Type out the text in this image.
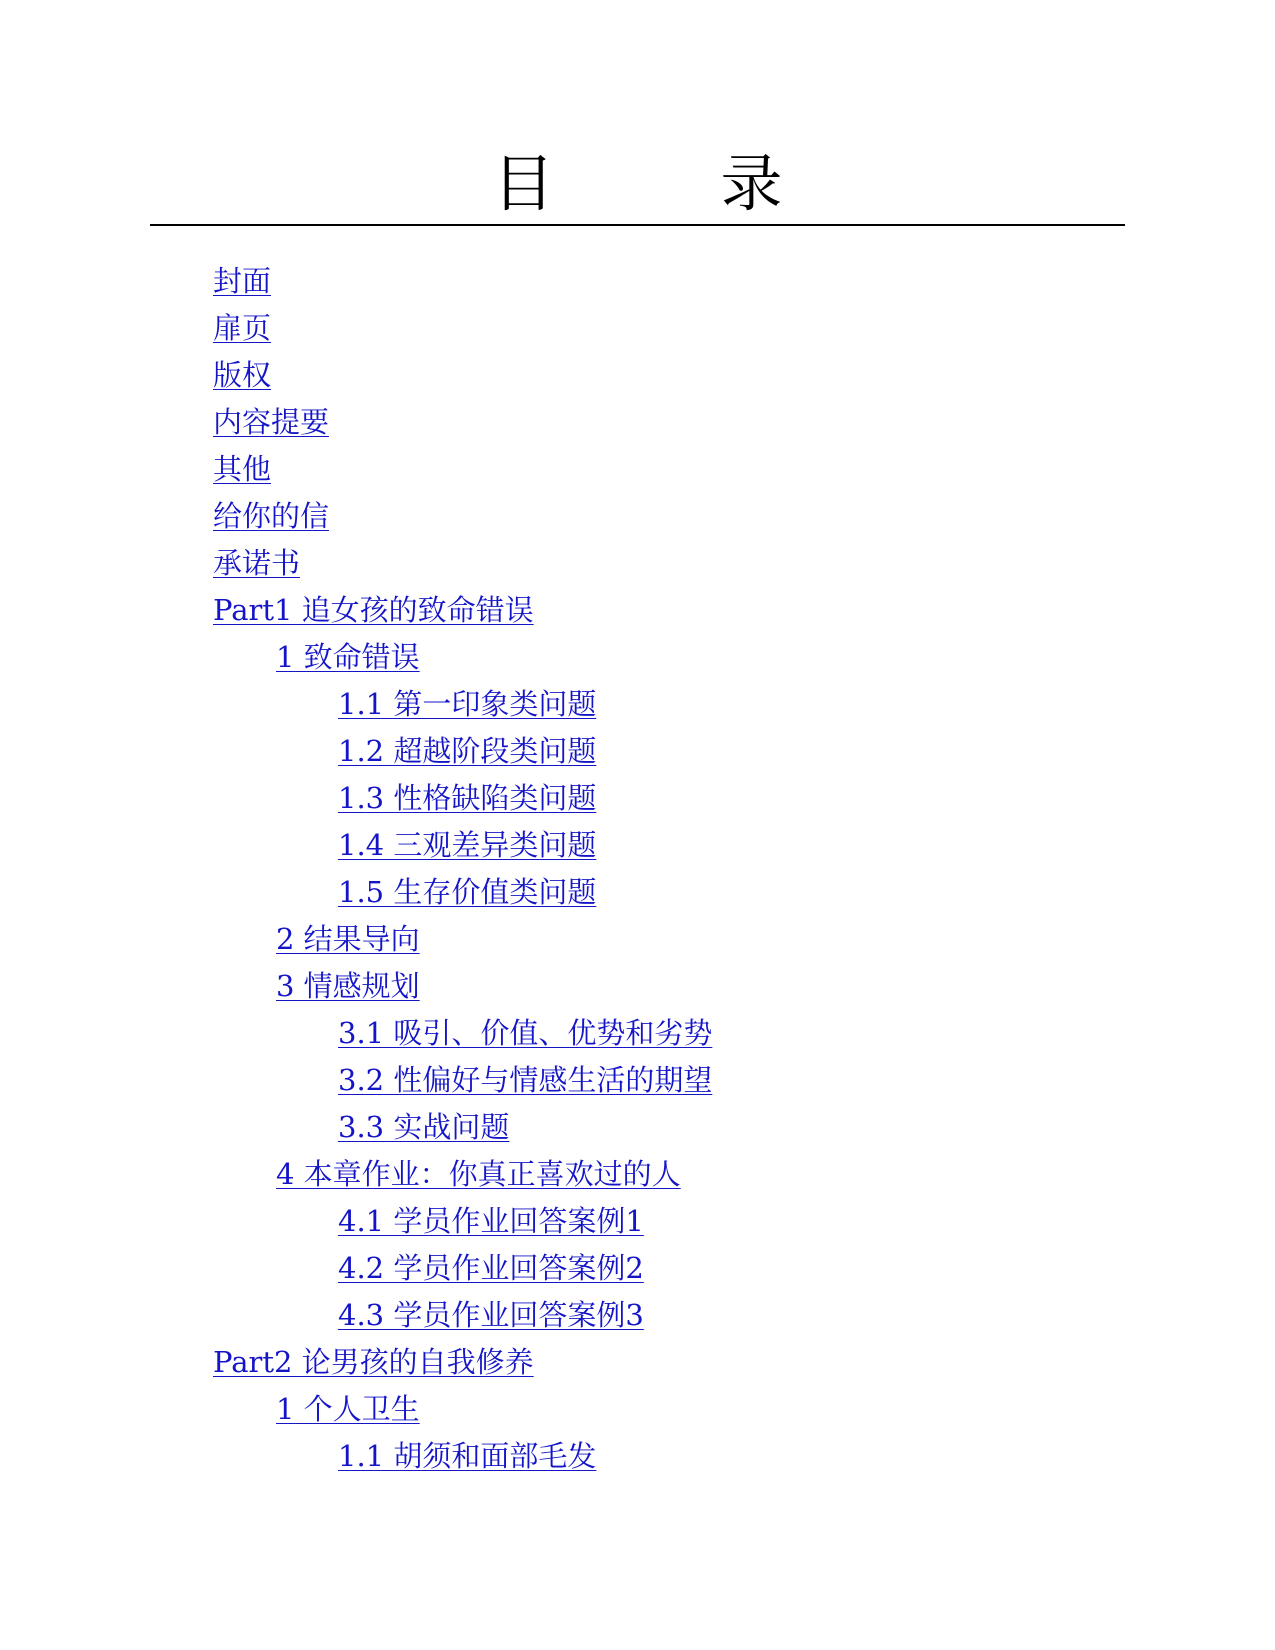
目　录
封面
扉页
版权
内容提要
其他
给你的信
承诺书
Part1 追女孩的致命错误
1 致命错误
1.1 第一印象类问题
1.2 超越阶段类问题
1.3 性格缺陷类问题
1.4 三观差异类问题
1.5 生存价值类问题
2 结果导向
3 情感规划
3.1 吸引、价值、优势和劣势
3.2 性偏好与情感生活的期望
3.3 实战问题
4 本章作业：你真正喜欢过的人
4.1 学员作业回答案例1
4.2 学员作业回答案例2
4.3 学员作业回答案例3
Part2 论男孩的自我修养
1 个人卫生
1.1 胡须和面部毛发
